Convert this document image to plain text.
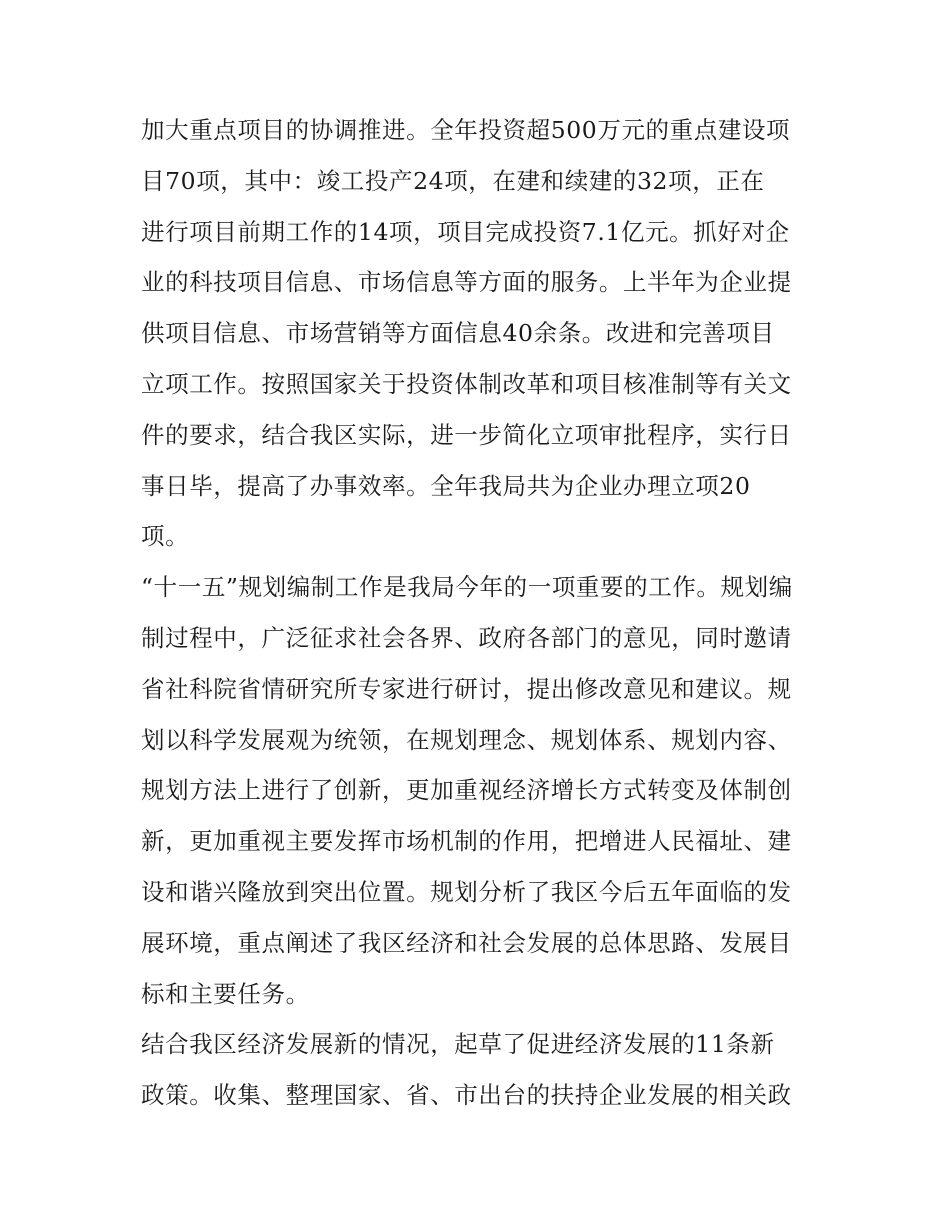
加大重点项目的协调推进。全年投资超500万元的重点建设项
目70项，其中：竣工投产24项，在建和续建的32项，正在
进行项目前期工作的14项，项目完成投资7.1亿元。抓好对企
业的科技项目信息、市场信息等方面的服务。上半年为企业提
供项目信息、市场营销等方面信息40余条。改进和完善项目
立项工作。按照国家关于投资体制改革和项目核准制等有关文
件的要求，结合我区实际，进一步简化立项审批程序，实行日
事日毕，提高了办事效率。全年我局共为企业办理立项20
项。
“十一五”规划编制工作是我局今年的一项重要的工作。规划编
制过程中，广泛征求社会各界、政府各部门的意见，同时邀请
省社科院省情研究所专家进行研讨，提出修改意见和建议。规
划以科学发展观为统领，在规划理念、规划体系、规划内容、
规划方法上进行了创新，更加重视经济增长方式转变及体制创
新，更加重视主要发挥市场机制的作用，把增进人民福址、建
设和谐兴隆放到突出位置。规划分析了我区今后五年面临的发
展环境，重点阐述了我区经济和社会发展的总体思路、发展目
标和主要任务。
结合我区经济发展新的情况，起草了促进经济发展的11条新
政策。收集、整理国家、省、市出台的扶持企业发展的相关政
